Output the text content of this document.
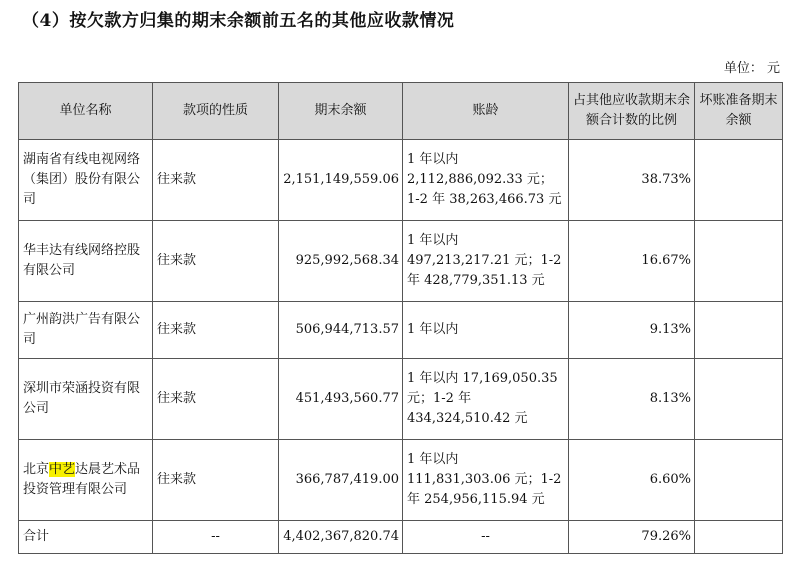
（4）按欠款方归集的期末余额前五名的其他应收款情况
单位： 元
单位名称	款项的性质	期末余额	账龄	占其他应收款期末余额合计数的比例	坏账准备期末余额
湖南省有线电视网络（集团）股份有限公司	往来款	2,151,149,559.06	1 年以内 2,112,886,092.33 元；1-2 年 38,263,466.73 元	38.73%	
华丰达有线网络控股有限公司	往来款	925,992,568.34	1 年以内 497,213,217.21 元；1-2 年 428,779,351.13 元	16.67%	
广州韵洪广告有限公司	往来款	506,944,713.57	1 年以内	9.13%	
深圳市荣涵投资有限公司	往来款	451,493,560.77	1 年以内 17,169,050.35 元；1-2 年 434,324,510.42 元	8.13%	
北京中艺达晨艺术品投资管理有限公司	往来款	366,787,419.00	1 年以内 111,831,303.06 元；1-2 年 254,956,115.94 元	6.60%	
合计	--	4,402,367,820.74	--	79.26%	
